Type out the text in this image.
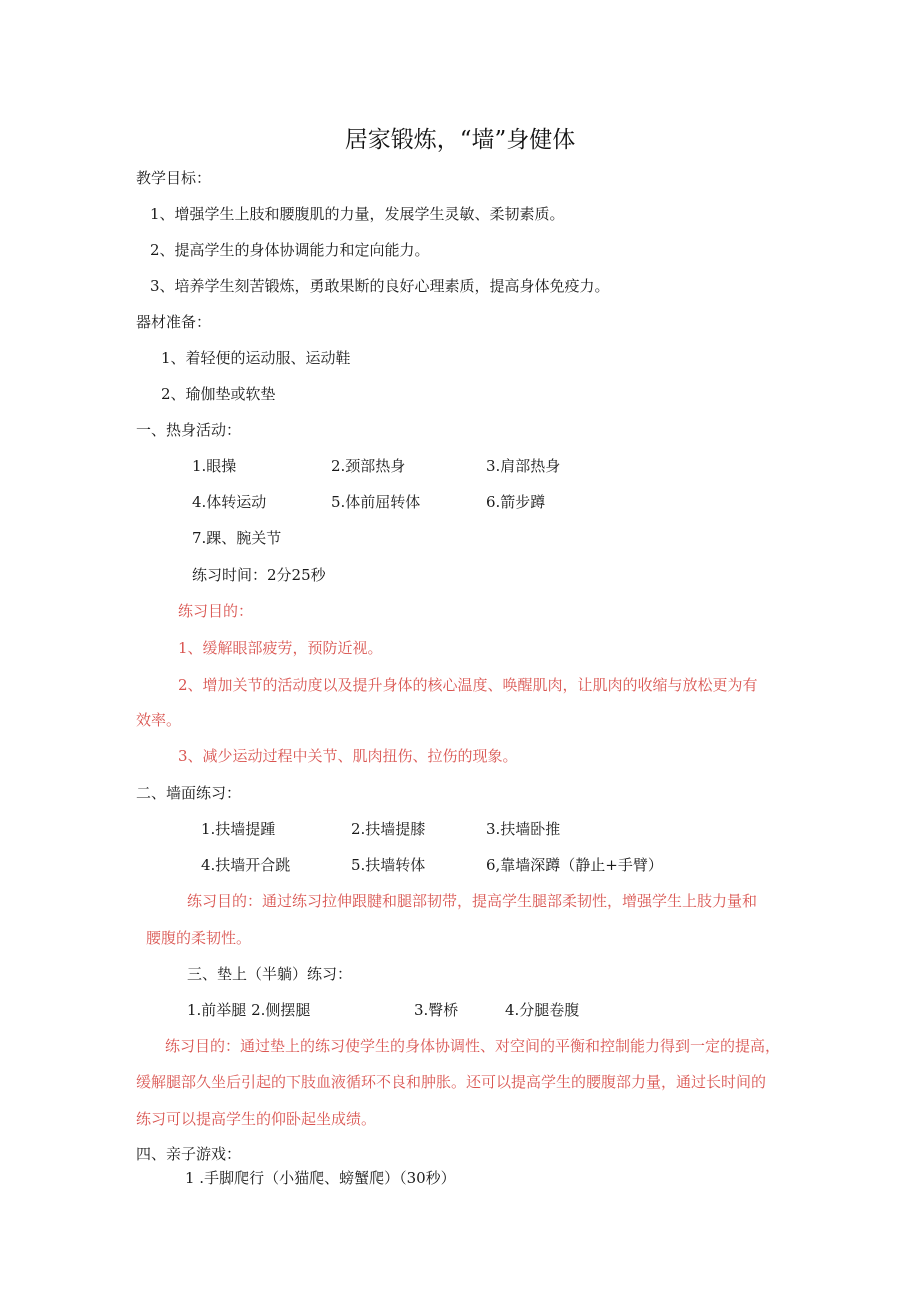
居家锻炼，“墙”身健体
教学目标：
1、增强学生上肢和腰腹肌的力量，发展学生灵敏、柔韧素质。
2、提高学生的身体协调能力和定向能力。
3、培养学生刻苦锻炼，勇敢果断的良好心理素质，提高身体免疫力。
器材准备：
1、着轻便的运动服、运动鞋
2、瑜伽垫或软垫
一、热身活动：
1.眼操	2.颈部热身	3.肩部热身
4.体转运动	5.体前屈转体	6.箭步蹲
7.踝、腕关节
练习时间：2分25秒
练习目的：
1、缓解眼部疲劳，预防近视。
2、增加关节的活动度以及提升身体的核心温度、唤醒肌肉，让肌肉的收缩与放松更为有
效率。
3、减少运动过程中关节、肌肉扭伤、拉伤的现象。
二、墙面练习：
1.扶墙提踵	2.扶墙提膝	3.扶墙卧推
4.扶墙开合跳	5.扶墙转体	6,靠墙深蹲（静止+手臂）
练习目的：通过练习拉伸跟腱和腿部韧带，提高学生腿部柔韧性，增强学生上肢力量和
腰腹的柔韧性。
三、垫上（半躺）练习：
1.前举腿 2.侧摆腿	3.臀桥	4.分腿卷腹
练习目的：通过垫上的练习使学生的身体协调性、对空间的平衡和控制能力得到一定的提高，
缓解腿部久坐后引起的下肢血液循环不良和肿胀。还可以提高学生的腰腹部力量，通过长时间的
练习可以提高学生的仰卧起坐成绩。
四、亲子游戏：
1 .手脚爬行（小猫爬、螃蟹爬）（30秒）
